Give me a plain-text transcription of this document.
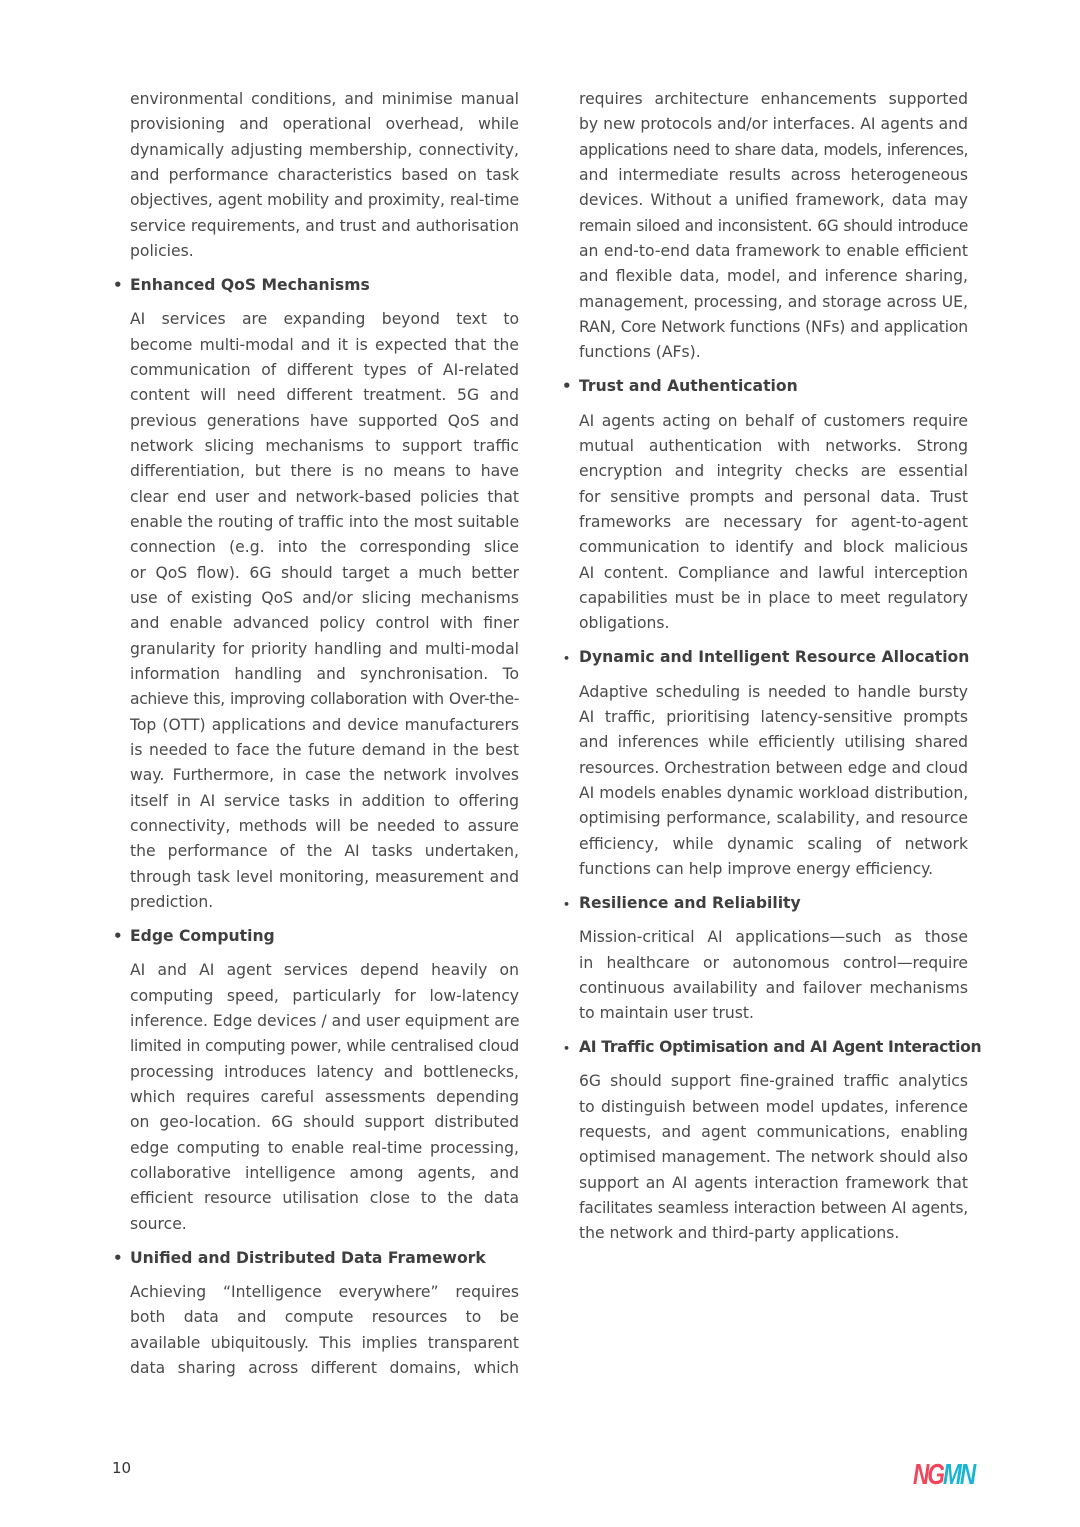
environmental conditions, and minimise manual
provisioning and operational overhead, while
dynamically adjusting membership, connectivity,
and performance characteristics based on task
objectives, agent mobility and proximity, real-time
service requirements, and trust and authorisation
policies.
• Enhanced QoS Mechanisms
AI services are expanding beyond text to
become multi-modal and it is expected that the
communication of different types of AI-related
content will need different treatment. 5G and
previous generations have supported QoS and
network slicing mechanisms to support traffic
differentiation, but there is no means to have
clear end user and network-based policies that
enable the routing of traffic into the most suitable
connection (e.g. into the corresponding slice
or QoS flow). 6G should target a much better
use of existing QoS and/or slicing mechanisms
and enable advanced policy control with finer
granularity for priority handling and multi-modal
information handling and synchronisation. To
achieve this, improving collaboration with Over-the-
Top (OTT) applications and device manufacturers
is needed to face the future demand in the best
way. Furthermore, in case the network involves
itself in AI service tasks in addition to offering
connectivity, methods will be needed to assure
the performance of the AI tasks undertaken,
through task level monitoring, measurement and
prediction.
• Edge Computing
AI and AI agent services depend heavily on
computing speed, particularly for low-latency
inference. Edge devices / and user equipment are
limited in computing power, while centralised cloud
processing introduces latency and bottlenecks,
which requires careful assessments depending
on geo-location. 6G should support distributed
edge computing to enable real-time processing,
collaborative intelligence among agents, and
efficient resource utilisation close to the data
source.
• Unified and Distributed Data Framework
Achieving “Intelligence everywhere” requires
both data and compute resources to be
available ubiquitously. This implies transparent
data sharing across different domains, which
requires architecture enhancements supported
by new protocols and/or interfaces. AI agents and
applications need to share data, models, inferences,
and intermediate results across heterogeneous
devices. Without a unified framework, data may
remain siloed and inconsistent. 6G should introduce
an end-to-end data framework to enable efficient
and flexible data, model, and inference sharing,
management, processing, and storage across UE,
RAN, Core Network functions (NFs) and application
functions (AFs).
• Trust and Authentication
AI agents acting on behalf of customers require
mutual authentication with networks. Strong
encryption and integrity checks are essential
for sensitive prompts and personal data. Trust
frameworks are necessary for agent-to-agent
communication to identify and block malicious
AI content. Compliance and lawful interception
capabilities must be in place to meet regulatory
obligations.
• Dynamic and Intelligent Resource Allocation
Adaptive scheduling is needed to handle bursty
AI traffic, prioritising latency-sensitive prompts
and inferences while efficiently utilising shared
resources. Orchestration between edge and cloud
AI models enables dynamic workload distribution,
optimising performance, scalability, and resource
efficiency, while dynamic scaling of network
functions can help improve energy efficiency.
• Resilience and Reliability
Mission-critical AI applications—such as those
in healthcare or autonomous control—require
continuous availability and failover mechanisms
to maintain user trust.
• AI Traffic Optimisation and AI Agent Interaction
6G should support fine-grained traffic analytics
to distinguish between model updates, inference
requests, and agent communications, enabling
optimised management. The network should also
support an AI agents interaction framework that
facilitates seamless interaction between AI agents,
the network and third-party applications.
10	NGMN
